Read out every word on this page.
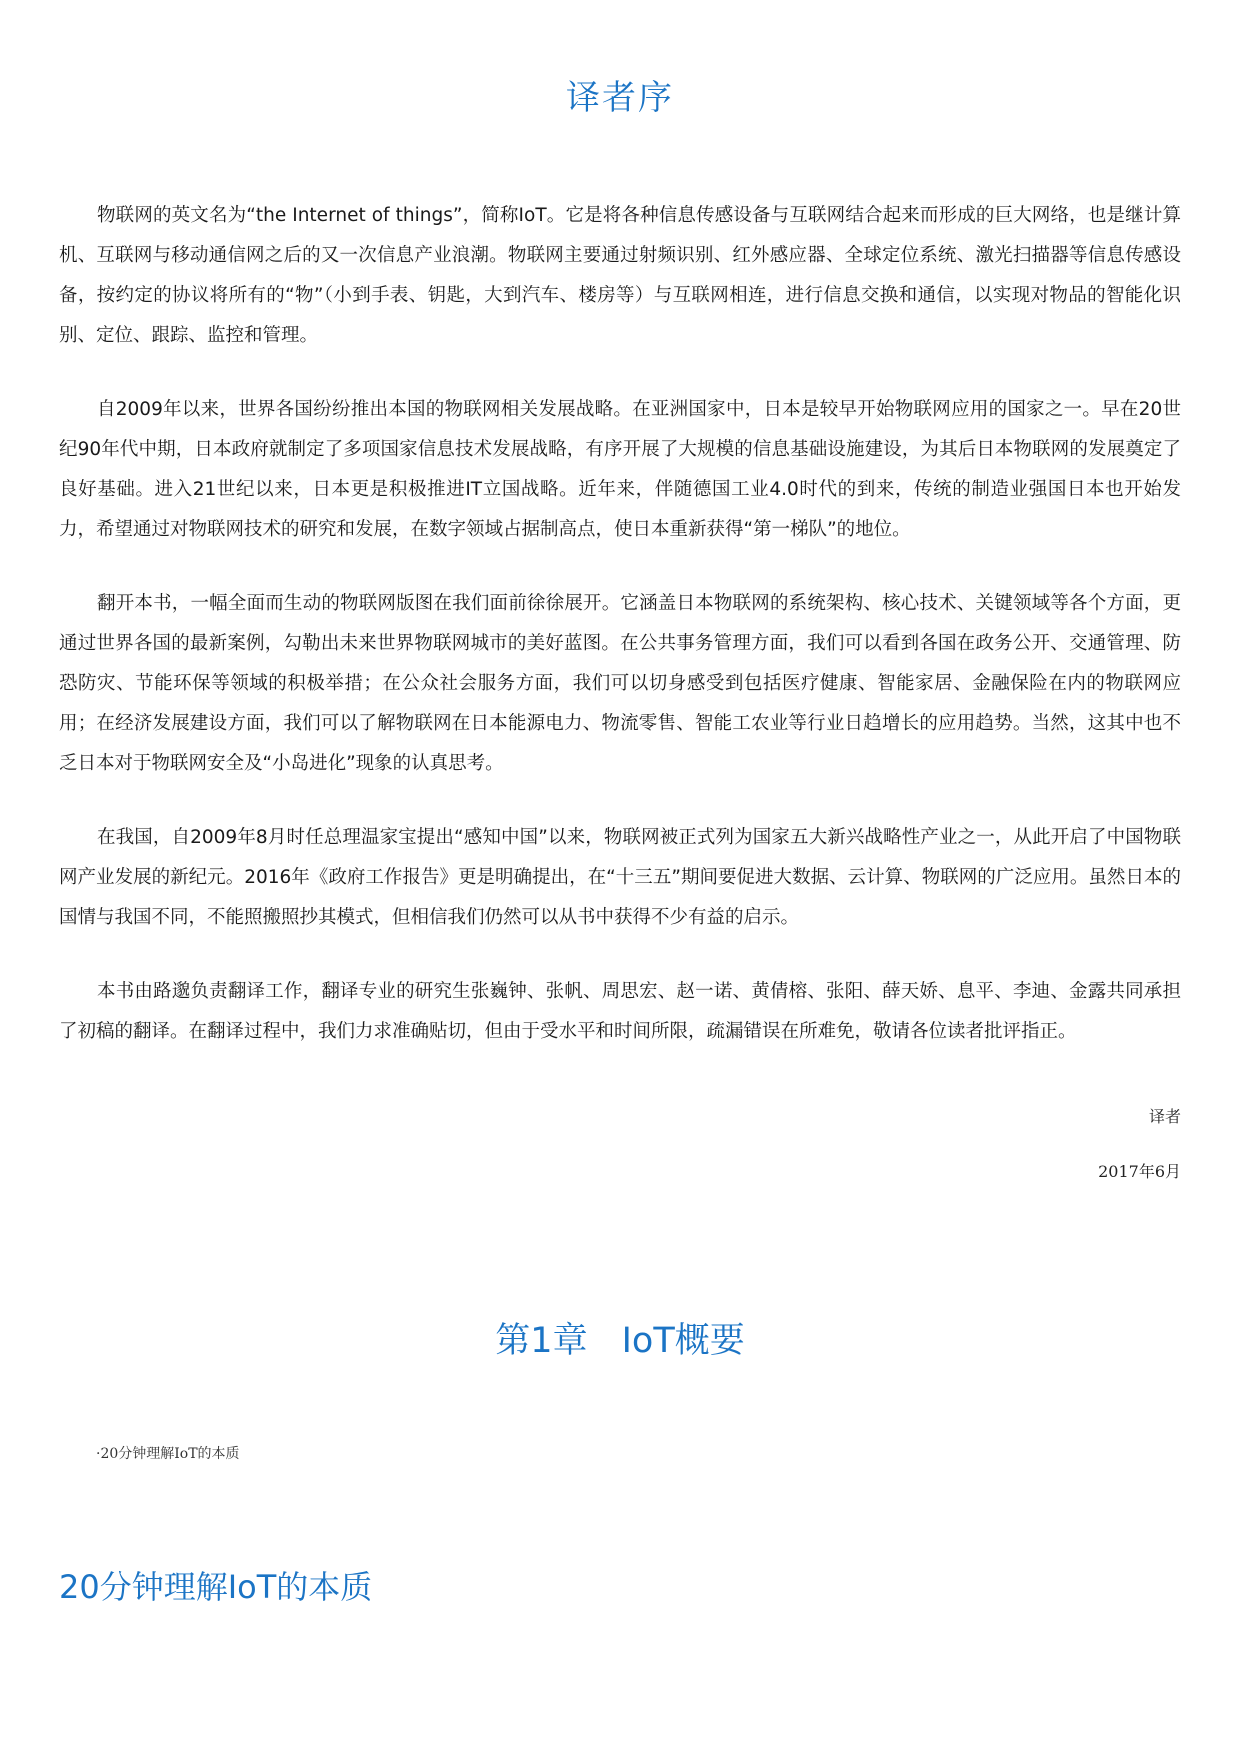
译者序

物联网的英文名为“the Internet of things”，简称IoT。它是将各种信息传感设备与互联网结合起来而形成的巨大网络，也是继计算机、互联网与移动通信网之后的又一次信息产业浪潮。物联网主要通过射频识别、红外感应器、全球定位系统、激光扫描器等信息传感设备，按约定的协议将所有的“物”（小到手表、钥匙，大到汽车、楼房等）与互联网相连，进行信息交换和通信，以实现对物品的智能化识别、定位、跟踪、监控和管理。

自2009年以来，世界各国纷纷推出本国的物联网相关发展战略。在亚洲国家中，日本是较早开始物联网应用的国家之一。早在20世纪90年代中期，日本政府就制定了多项国家信息技术发展战略，有序开展了大规模的信息基础设施建设，为其后日本物联网的发展奠定了良好基础。进入21世纪以来，日本更是积极推进IT立国战略。近年来，伴随德国工业4.0时代的到来，传统的制造业强国日本也开始发力，希望通过对物联网技术的研究和发展，在数字领域占据制高点，使日本重新获得“第一梯队”的地位。

翻开本书，一幅全面而生动的物联网版图在我们面前徐徐展开。它涵盖日本物联网的系统架构、核心技术、关键领域等各个方面，更通过世界各国的最新案例，勾勒出未来世界物联网城市的美好蓝图。在公共事务管理方面，我们可以看到各国在政务公开、交通管理、防恐防灾、节能环保等领域的积极举措；在公众社会服务方面，我们可以切身感受到包括医疗健康、智能家居、金融保险在内的物联网应用；在经济发展建设方面，我们可以了解物联网在日本能源电力、物流零售、智能工农业等行业日趋增长的应用趋势。当然，这其中也不乏日本对于物联网安全及“小岛进化”现象的认真思考。

在我国，自2009年8月时任总理温家宝提出“感知中国”以来，物联网被正式列为国家五大新兴战略性产业之一，从此开启了中国物联网产业发展的新纪元。2016年《政府工作报告》更是明确提出，在“十三五”期间要促进大数据、云计算、物联网的广泛应用。虽然日本的国情与我国不同，不能照搬照抄其模式，但相信我们仍然可以从书中获得不少有益的启示。

本书由路邈负责翻译工作，翻译专业的研究生张巍钟、张帆、周思宏、赵一诺、黄倩榕、张阳、薛天娇、息平、李迪、金露共同承担了初稿的翻译。在翻译过程中，我们力求准确贴切，但由于受水平和时间所限，疏漏错误在所难免，敬请各位读者批评指正。

译者

2017年6月

第1章 IoT概要

·20分钟理解IoT的本质

20分钟理解IoT的本质
